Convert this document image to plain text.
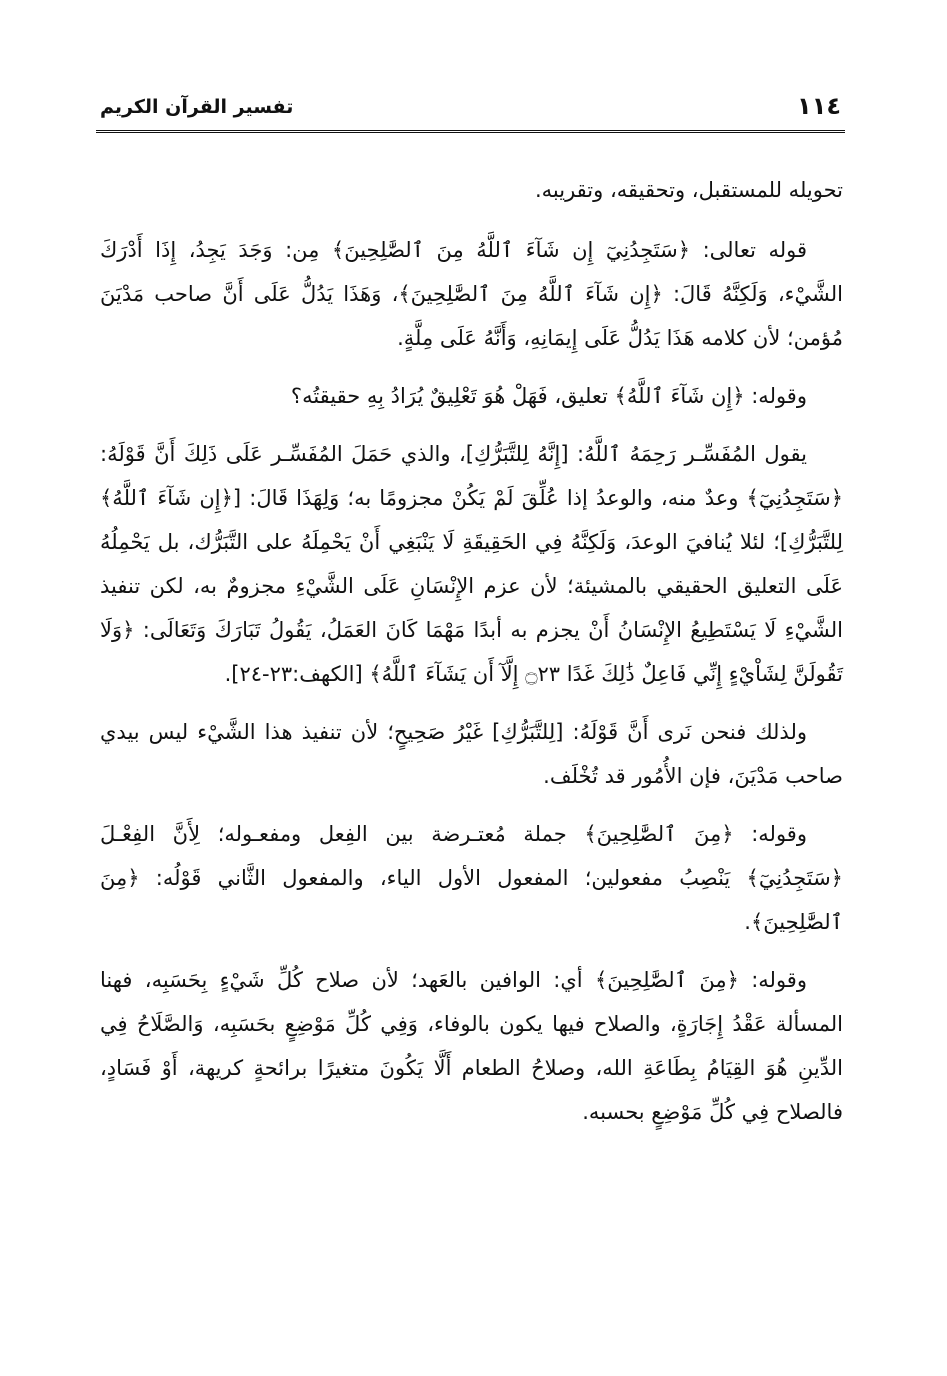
١١٤
تفسير القرآن الكريم

تحويله للمستقبل، وتحقيقه، وتقريبه.

قوله تعالى: ﴿سَتَجِدُنِيٓ إِن شَآءَ ٱللَّهُ مِنَ ٱلصَّٰلِحِينَ﴾ مِن: وَجَدَ يَجِدُ، إِذَا أَدْرَكَ الشَّيْء، وَلَكِنَّهُ قَالَ: ﴿إِن شَآءَ ٱللَّهُ مِنَ ٱلصَّٰلِحِينَ﴾، وَهَذَا يَدُلُّ عَلَى أَنَّ صاحب مَدْيَنَ مُؤمن؛ لأن كلامه هَذَا يَدُلُّ عَلَى إِيمَانِهِ، وَأَنَّهُ عَلَى مِلَّةٍ.

وقوله: ﴿إِن شَآءَ ٱللَّهُ﴾ تعليق، فَهَلْ هُوَ تَعْلِيقٌ يُرَادُ بِهِ حقيقتُه؟

يقول المُفَسِّـر رَحِمَهُ ٱللَّهُ: [إِنَّهُ لِلتَّبَرُّكِ]، والذي حَمَلَ المُفَسِّـر عَلَى ذَلِكَ أَنَّ قَوْلَهُ: ﴿سَتَجِدُنِيٓ﴾ وعدٌ منه، والوعدُ إذا عُلِّقَ لَمْ يَكُنْ مجزومًا به؛ وَلِهَذَا قَالَ: [﴿إِن شَآءَ ٱللَّهُ﴾ لِلتَّبَرُّكِ]؛ لئلا يُنافيَ الوعدَ، وَلَكِنَّهُ فِي الحَقِيقَةِ لَا يَنْبَغِي أَنْ يَحْمِلَهُ على التَّبَرُّك، بل يَحْمِلُهُ عَلَى التعليق الحقيقي بالمشيئة؛ لأن عزم الإِنْسَانِ عَلَى الشَّيْءِ مجزومٌ به، لكن تنفيذ الشَّيْءِ لَا يَسْتَطِيعُ الإِنْسَانُ أَنْ يجزم به أبدًا مَهْمَا كَانَ العَمَلُ، يَقُولُ تَبَارَكَ وَتَعَالَى: ﴿وَلَا تَقُولَنَّ لِشَاْيْءٍ إِنِّي فَاعِلٌ ذَٰلِكَ غَدًا ۝٢٣ إِلَّآ أَن يَشَآءَ ٱللَّهُ﴾ [الكهف:٢٣-٢٤].

ولذلك فنحن نَرى أَنَّ قَوْلَهُ: [لِلتَّبَرُّكِ] غَيْرُ صَحِيحٍ؛ لأن تنفيذ هذا الشَّيْء ليس بيدي صاحب مَدْيَنَ، فإن الأُمُور قد تُخْلَف.

وقوله: ﴿مِنَ ٱلصَّٰلِحِينَ﴾ جملة مُعتـرضة بين الفِعل ومفعـوله؛ لِأَنَّ الفِعْـلَ ﴿سَتَجِدُنِيٓ﴾ يَنْصِبُ مفعولين؛ المفعول الأول الياء، والمفعول الثَّاني قَوْلُه: ﴿مِنَ ٱلصَّٰلِحِينَ﴾.

وقوله: ﴿مِنَ ٱلصَّٰلِحِينَ﴾ أي: الوافين بالعَهد؛ لأن صلاح كُلِّ شَيْءٍ بِحَسَبِه، فهنا المسألة عَقْدُ إِجَارَةٍ، والصلاح فيها يكون بالوفاء، وَفِي كُلِّ مَوْضِعٍ بحَسَبِه، وَالصَّلَاحُ فِي الدِّينِ هُوَ القِيَامُ بِطَاعَةِ الله، وصلاحُ الطعام أَلَّا يَكُونَ متغيرًا برائحةٍ كريهة، أَوْ فَسَادٍ، فالصلاح فِي كُلِّ مَوْضِعٍ بحسبه.
